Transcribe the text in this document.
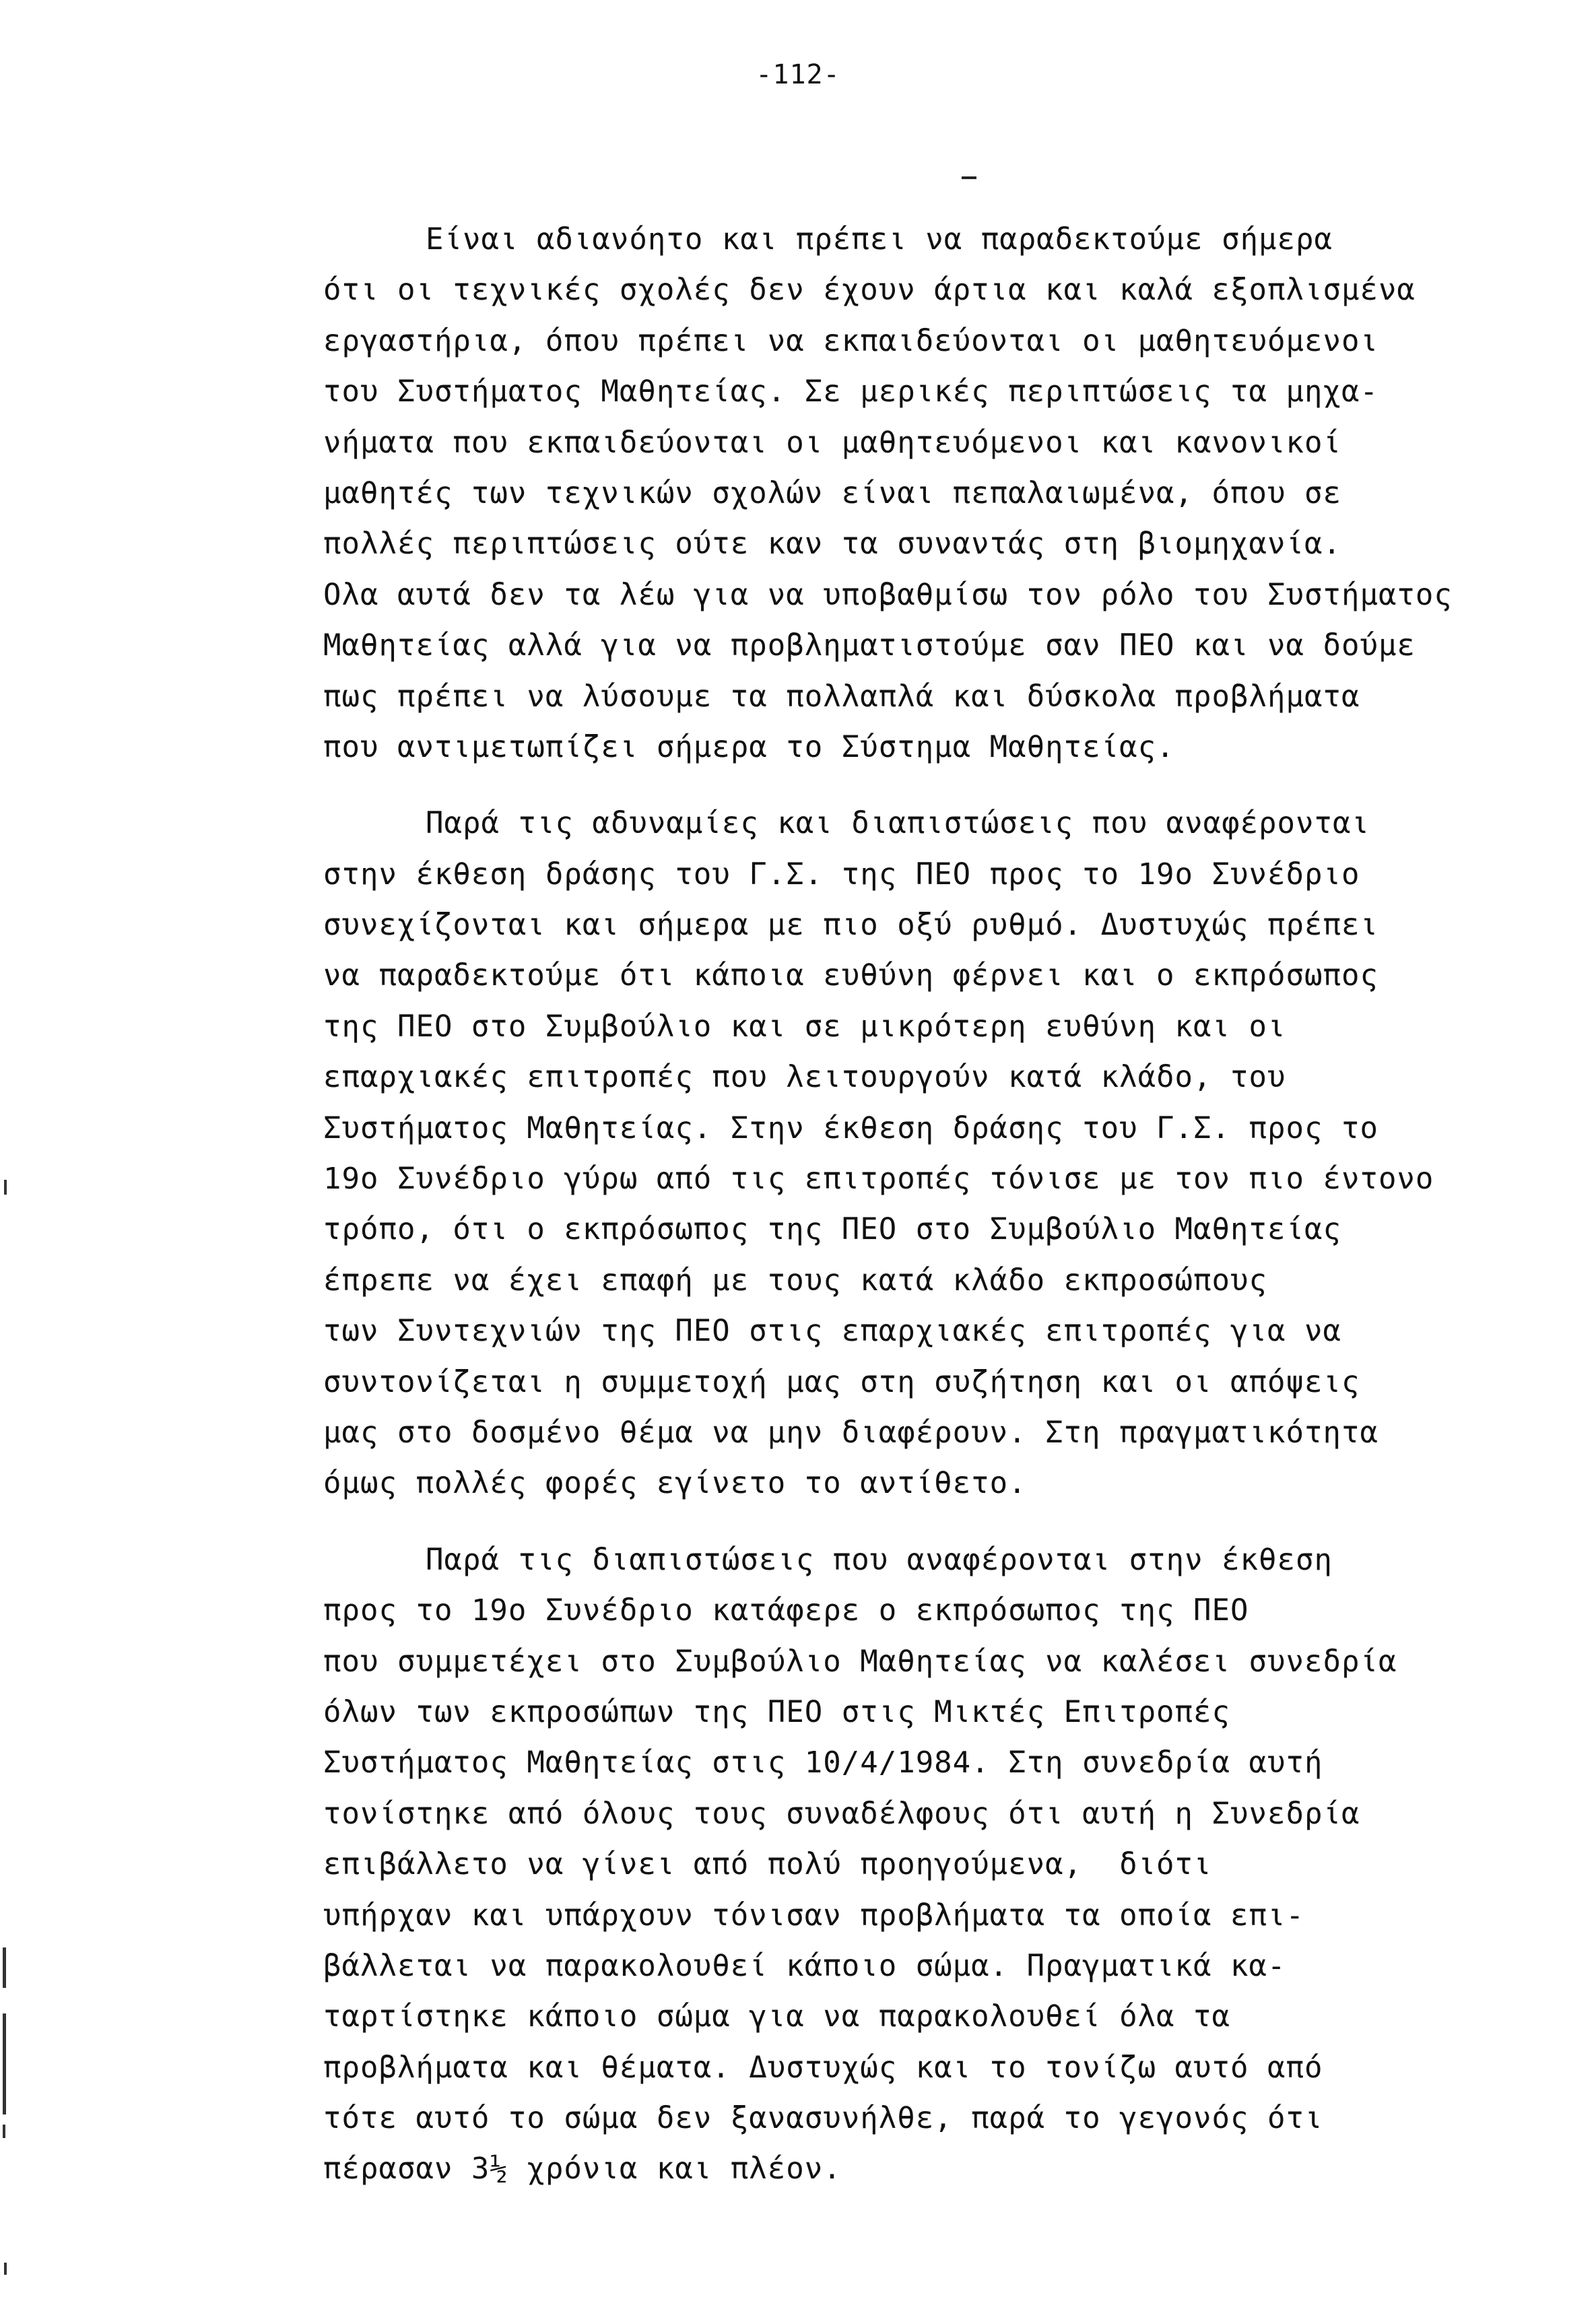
-112-
Είναι αδιανόητο και πρέπει να παραδεκτούμε σήμερα
ότι οι τεχνικές σχολές δεν έχουν άρτια και καλά εξοπλισμένα
εργαστήρια, όπου πρέπει να εκπαιδεύονται οι μαθητευόμενοι
του Συστήματος Μαθητείας. Σε μερικές περιπτώσεις τα μηχα-
νήματα που εκπαιδεύονται οι μαθητευόμενοι και κανονικοί
μαθητές των τεχνικών σχολών είναι πεπαλαιωμένα, όπου σε
πολλές περιπτώσεις ούτε καν τα συναντάς στη βιομηχανία.
Ολα αυτά δεν τα λέω για να υποβαθμίσω τον ρόλο του Συστήματος
Μαθητείας αλλά για να προβληματιστούμε σαν ΠΕΟ και να δούμε
πως πρέπει να λύσουμε τα πολλαπλά και δύσκολα προβλήματα
που αντιμετωπίζει σήμερα το Σύστημα Μαθητείας.
Παρά τις αδυναμίες και διαπιστώσεις που αναφέρονται
στην έκθεση δράσης του Γ.Σ. της ΠΕΟ προς το 19ο Συνέδριο
συνεχίζονται και σήμερα με πιο οξύ ρυθμό. Δυστυχώς πρέπει
να παραδεκτούμε ότι κάποια ευθύνη φέρνει και ο εκπρόσωπος
της ΠΕΟ στο Συμβούλιο και σε μικρότερη ευθύνη και οι
επαρχιακές επιτροπές που λειτουργούν κατά κλάδο, του
Συστήματος Μαθητείας. Στην έκθεση δράσης του Γ.Σ. προς το
19ο Συνέδριο γύρω από τις επιτροπές τόνισε με τον πιο έντονο
τρόπο, ότι ο εκπρόσωπος της ΠΕΟ στο Συμβούλιο Μαθητείας
έπρεπε να έχει επαφή με τους κατά κλάδο εκπροσώπους
των Συντεχνιών της ΠΕΟ στις επαρχιακές επιτροπές για να
συντονίζεται η συμμετοχή μας στη συζήτηση και οι απόψεις
μας στο δοσμένο θέμα να μην διαφέρουν. Στη πραγματικότητα
όμως πολλές φορές εγίνετο το αντίθετο.
Παρά τις διαπιστώσεις που αναφέρονται στην έκθεση
προς το 19ο Συνέδριο κατάφερε ο εκπρόσωπος της ΠΕΟ
που συμμετέχει στο Συμβούλιο Μαθητείας να καλέσει συνεδρία
όλων των εκπροσώπων της ΠΕΟ στις Μικτές Επιτροπές
Συστήματος Μαθητείας στις 10/4/1984. Στη συνεδρία αυτή
τονίστηκε από όλους τους συναδέλφους ότι αυτή η Συνεδρία
επιβάλλετο να γίνει από πολύ προηγούμενα,  διότι
υπήρχαν και υπάρχουν τόνισαν προβλήματα τα οποία επι-
βάλλεται να παρακολουθεί κάποιο σώμα. Πραγματικά κα-
ταρτίστηκε κάποιο σώμα για να παρακολουθεί όλα τα
προβλήματα και θέματα. Δυστυχώς και το τονίζω αυτό από
τότε αυτό το σώμα δεν ξανασυνήλθε, παρά το γεγονός ότι
πέρασαν 3½ χρόνια και πλέον.
